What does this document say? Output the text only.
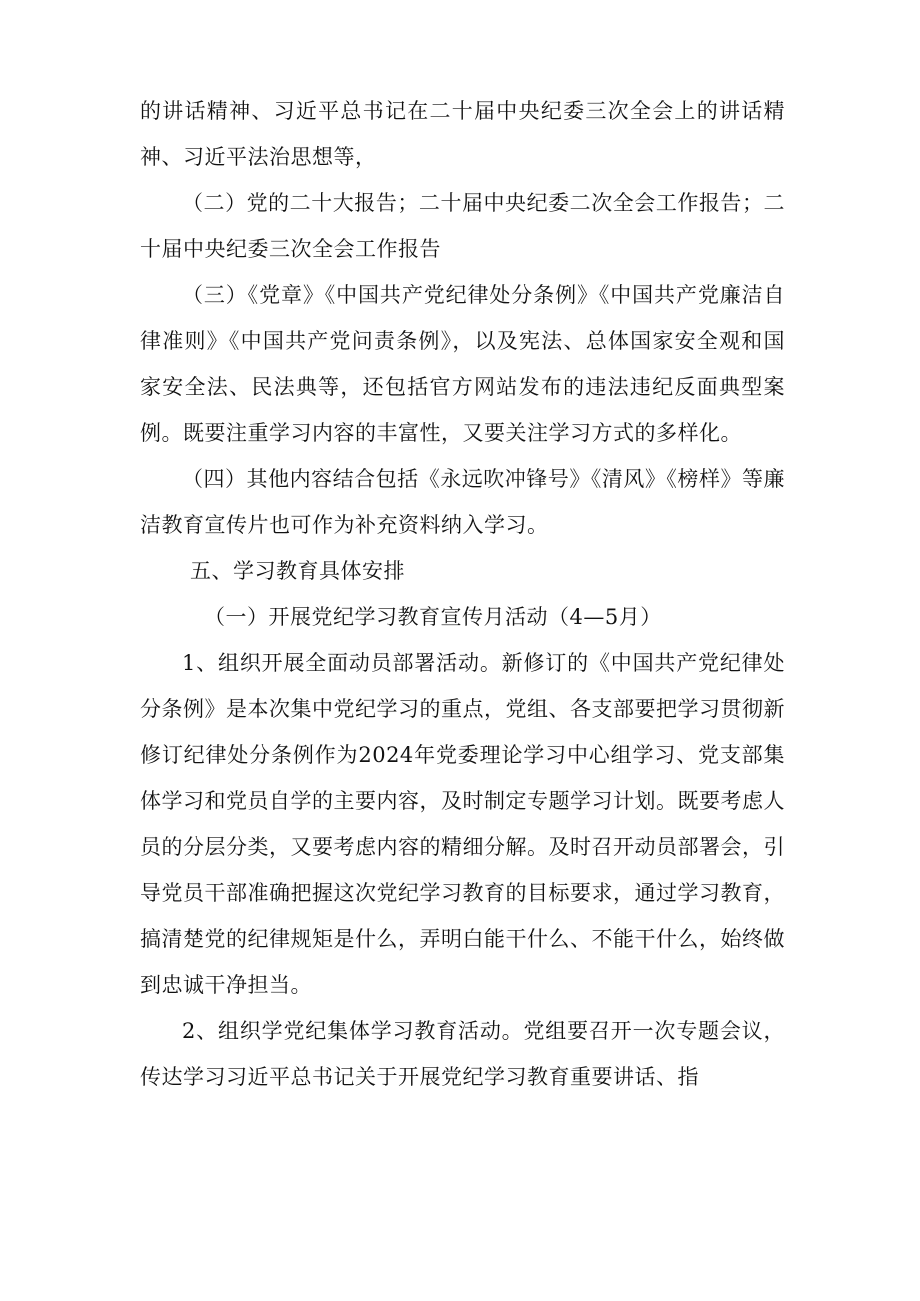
的讲话精神、习近平总书记在二十届中央纪委三次全会上的讲话精神、习近平法治思想等，

（二）党的二十大报告；二十届中央纪委二次全会工作报告；二十届中央纪委三次全会工作报告

（三）《党章》《中国共产党纪律处分条例》《中国共产党廉洁自律准则》《中国共产党问责条例》，以及宪法、总体国家安全观和国家安全法、民法典等，还包括官方网站发布的违法违纪反面典型案例。既要注重学习内容的丰富性，又要关注学习方式的多样化。

（四）其他内容结合包括《永远吹冲锋号》《清风》《榜样》等廉洁教育宣传片也可作为补充资料纳入学习。

五、学习教育具体安排

（一）开展党纪学习教育宣传月活动（4—5月）

1、组织开展全面动员部署活动。新修订的《中国共产党纪律处分条例》是本次集中党纪学习的重点，党组、各支部要把学习贯彻新修订纪律处分条例作为2024年党委理论学习中心组学习、党支部集体学习和党员自学的主要内容，及时制定专题学习计划。既要考虑人员的分层分类，又要考虑内容的精细分解。及时召开动员部署会，引导党员干部准确把握这次党纪学习教育的目标要求，通过学习教育，搞清楚党的纪律规矩是什么，弄明白能干什么、不能干什么，始终做到忠诚干净担当。

2、组织学党纪集体学习教育活动。党组要召开一次专题会议，传达学习习近平总书记关于开展党纪学习教育重要讲话、指
